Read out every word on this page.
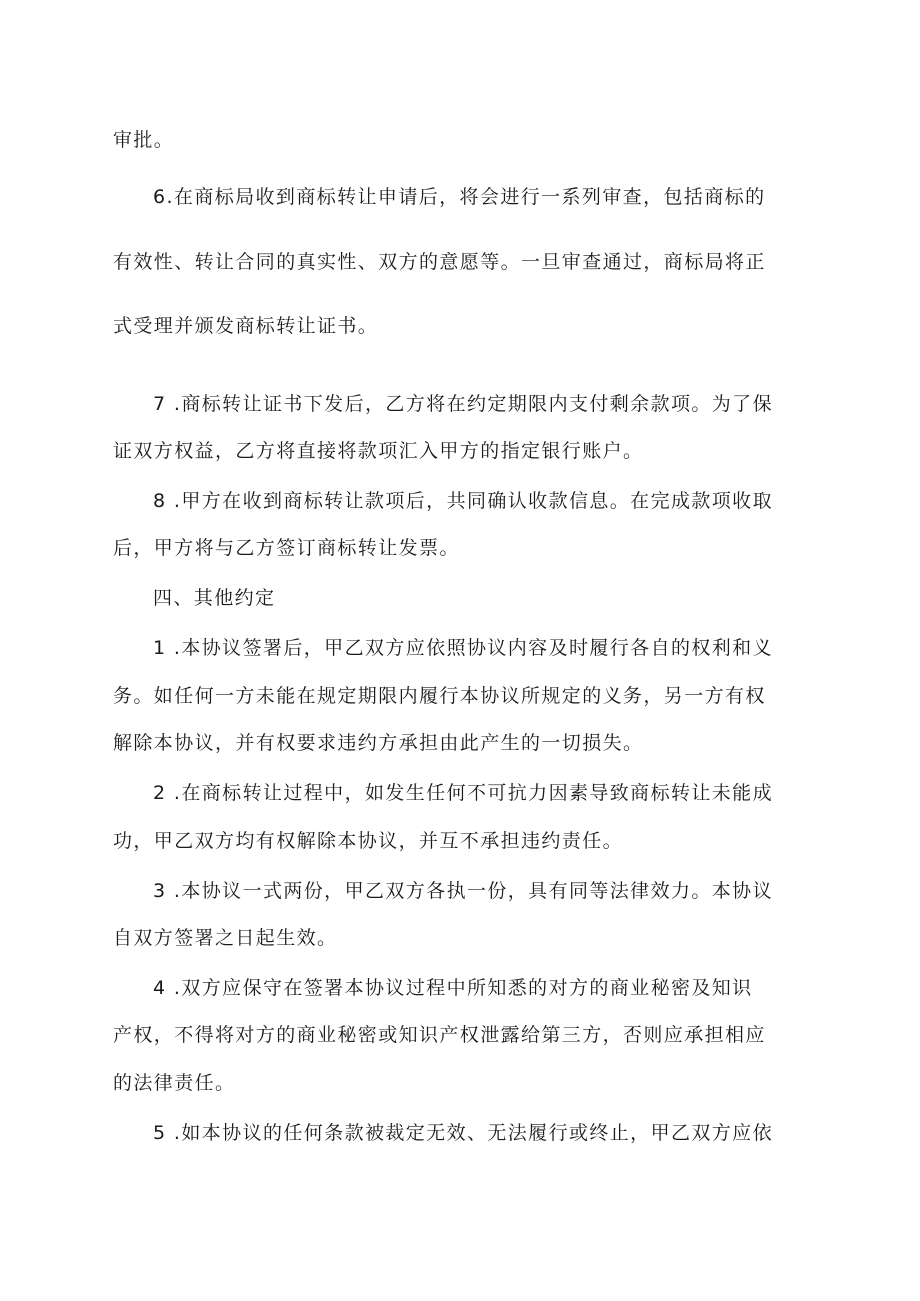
审批。
6.在商标局收到商标转让申请后，将会进行一系列审查，包括商标的
有效性、转让合同的真实性、双方的意愿等。一旦审查通过，商标局将正
式受理并颁发商标转让证书。
7 .商标转让证书下发后，乙方将在约定期限内支付剩余款项。为了保
证双方权益，乙方将直接将款项汇入甲方的指定银行账户。
8 .甲方在收到商标转让款项后，共同确认收款信息。在完成款项收取
后，甲方将与乙方签订商标转让发票。
四、其他约定
1 .本协议签署后，甲乙双方应依照协议内容及时履行各自的权利和义
务。如任何一方未能在规定期限内履行本协议所规定的义务，另一方有权
解除本协议，并有权要求违约方承担由此产生的一切损失。
2 .在商标转让过程中，如发生任何不可抗力因素导致商标转让未能成
功，甲乙双方均有权解除本协议，并互不承担违约责任。
3 .本协议一式两份，甲乙双方各执一份，具有同等法律效力。本协议
自双方签署之日起生效。
4 .双方应保守在签署本协议过程中所知悉的对方的商业秘密及知识
产权，不得将对方的商业秘密或知识产权泄露给第三方，否则应承担相应
的法律责任。
5 .如本协议的任何条款被裁定无效、无法履行或终止，甲乙双方应依
